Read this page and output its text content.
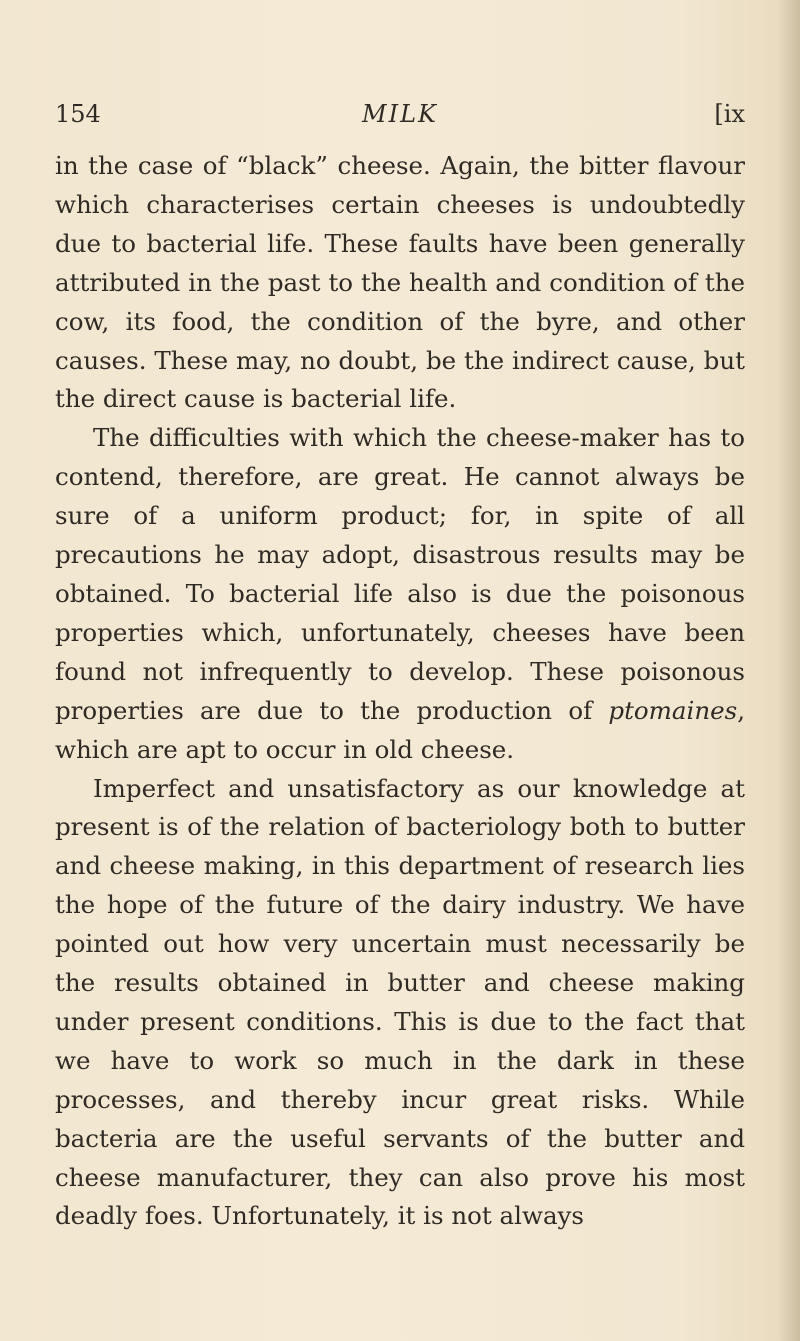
154	MILK	[ix

in the case of “black” cheese. Again, the bitter flavour which characterises certain cheeses is undoubtedly due to bacterial life. These faults have been generally attributed in the past to the health and condition of the cow, its food, the condition of the byre, and other causes. These may, no doubt, be the indirect cause, but the direct cause is bacterial life.

The difficulties with which the cheese-maker has to contend, therefore, are great. He cannot always be sure of a uniform product; for, in spite of all precautions he may adopt, disastrous results may be obtained. To bacterial life also is due the poisonous properties which, unfortunately, cheeses have been found not infrequently to develop. These poisonous properties are due to the production of ptomaines, which are apt to occur in old cheese.

Imperfect and unsatisfactory as our knowledge at present is of the relation of bacteriology both to butter and cheese making, in this department of research lies the hope of the future of the dairy industry. We have pointed out how very uncertain must necessarily be the results obtained in butter and cheese making under present conditions. This is due to the fact that we have to work so much in the dark in these processes, and thereby incur great risks. While bacteria are the useful servants of the butter and cheese manufacturer, they can also prove his most deadly foes. Unfortunately, it is not always
